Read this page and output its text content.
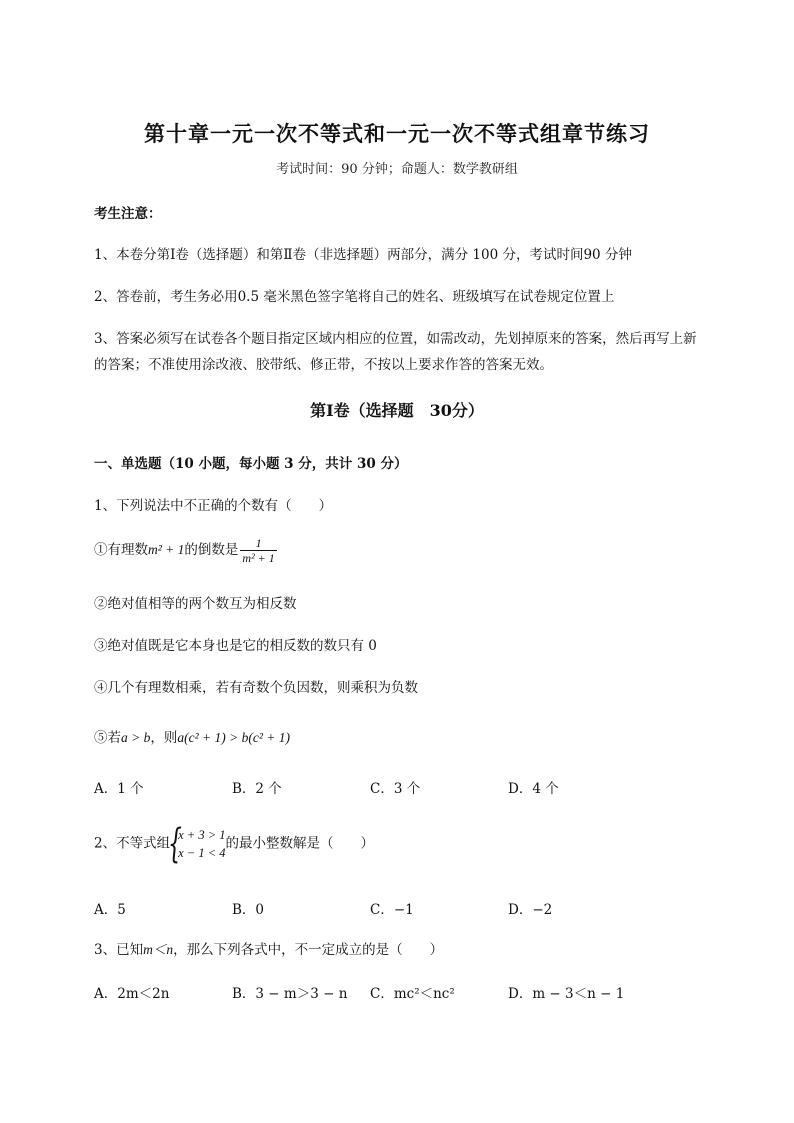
第十章一元一次不等式和一元一次不等式组章节练习
考试时间：90 分钟；命题人：数学教研组
考生注意：
1、本卷分第Ⅰ卷（选择题）和第Ⅱ卷（非选择题）两部分，满分 100 分，考试时间90 分钟
2、答卷前，考生务必用0.5 毫米黑色签字笔将自己的姓名、班级填写在试卷规定位置上
3、答案必须写在试卷各个题目指定区域内相应的位置，如需改动，先划掉原来的答案，然后再写上新
的答案；不准使用涂改液、胶带纸、修正带，不按以上要求作答的答案无效。
第Ⅰ卷（选择题　30分）
一、单选题（10 小题，每小题 3 分，共计 30 分）
1、下列说法中不正确的个数有（　　）
①有理数m² + 1的倒数是 $\frac{1}{\text{m² + 1}}$
②绝对值相等的两个数互为相反数
③绝对值既是它本身也是它的相反数的数只有 0
④几个有理数相乘，若有奇数个负因数，则乘积为负数
⑤若a > b，则a(c² + 1) > b(c² + 1)
A．1 个	B．2 个	C．3 个	D．4 个
2、不等式组
{
x + 3 > 1
x − 1 < 4
的最小整数解是（　　）
A．5	B．0	C．−1	D．−2
3、已知m＜n，那么下列各式中，不一定成立的是（　　）
A．2m＜2n	B．3 − m＞3 − n C．mc²＜nc²	D．m − 3＜n − 1
